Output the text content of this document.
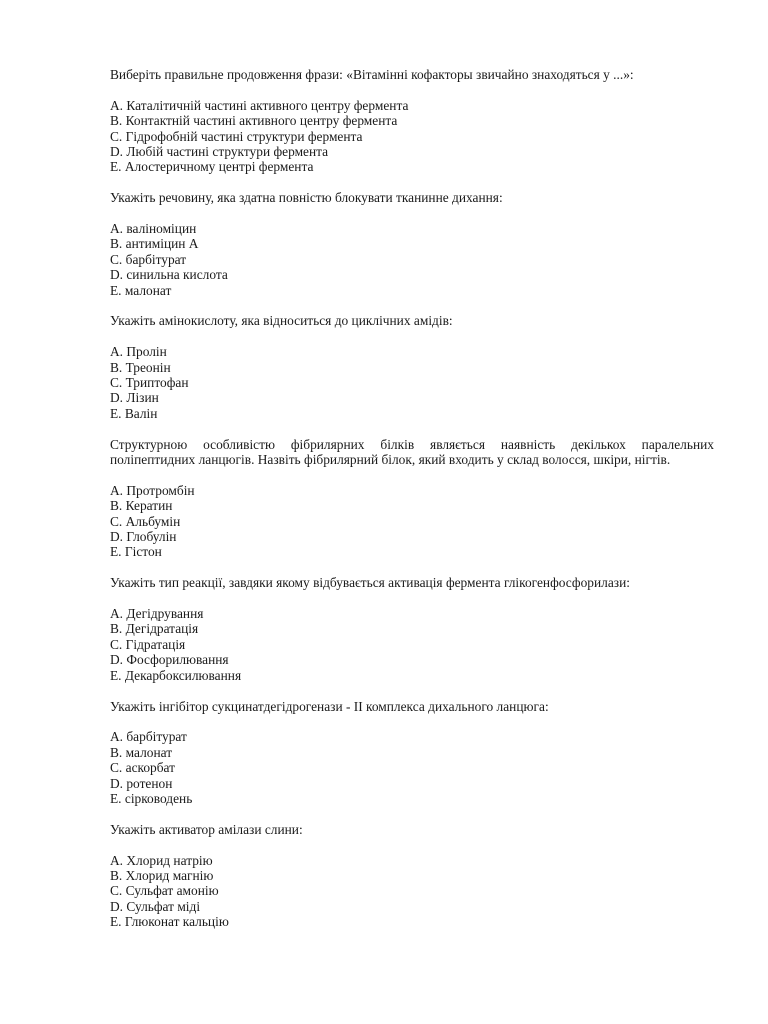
Виберіть правильне продовження фрази: «Вітамінні кофакторы звичайно знаходяться у ...»:

A. Каталітичній частині активного центру фермента
B. Контактній частині активного центру фермента
C. Гідрофобній частині структури фермента
D. Любій частині структури фермента
E. Алостеричному центрі фермента

Укажіть речовину, яка здатна повністю блокувати тканинне дихання:

A. валіноміцин
B. антиміцин А
C. барбітурат
D. синильна кислота
E. малонат

Укажіть амінокислоту, яка відноситься до циклічних амідів:

A. Пролін
B. Треонін
C. Триптофан
D. Лізин
E. Валін

Структурною особливістю фібрилярних білків являється наявність декількох паралельних поліпептидних ланцюгів. Назвіть фібрилярний білок, який входить у склад волосся, шкіри, нігтів.

A. Протромбін
B. Кератин
C. Альбумін
D. Глобулін
E. Гістон

Укажіть тип реакції, завдяки якому відбувається активація фермента глікогенфосфорилази:

A. Дегідрування
B. Дегідратація
C. Гідратація
D. Фосфорилювання
E. Декарбоксилювання

Укажіть інгібітор сукцинатдегідрогенази - II комплекса дихального ланцюга:

A. барбітурат
B. малонат
C. аскорбат
D. ротенон
E. сірководень

Укажіть активатор амілази слини:

A. Хлорид натрію
B. Хлорид магнію
C. Сульфат амонію
D. Сульфат міді
E. Глюконат кальцію
